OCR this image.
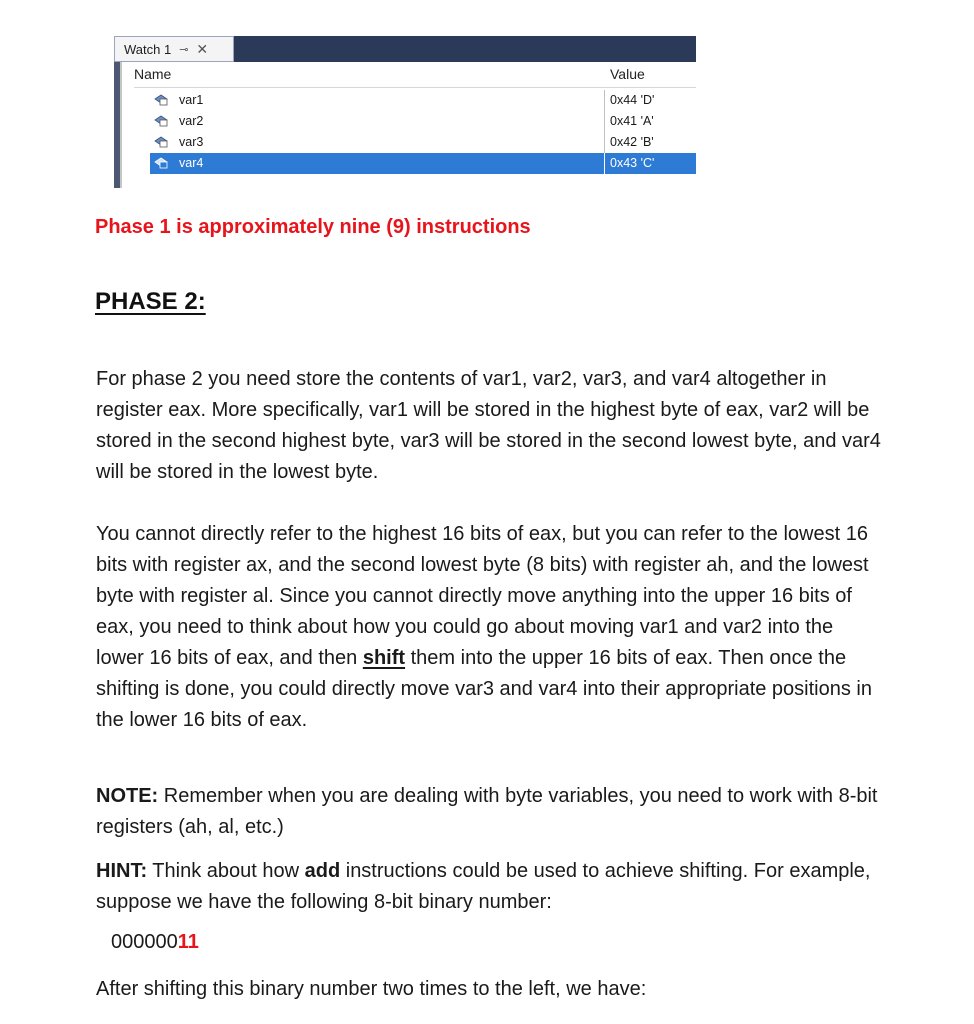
Watch 1 ⊸ ✕
Name	Value
var1	0x44 'D'
var2	0x41 'A'
var3	0x42 'B'
var4	0x43 'C'
Phase 1 is approximately nine (9) instructions
PHASE 2:

For phase 2 you need store the contents of var1, var2, var3, and var4 altogether in register eax. More specifically, var1 will be stored in the highest byte of eax, var2 will be stored in the second highest byte, var3 will be stored in the second lowest byte, and var4 will be stored in the lowest byte.

You cannot directly refer to the highest 16 bits of eax, but you can refer to the lowest 16 bits with register ax, and the second lowest byte (8 bits) with register ah, and the lowest byte with register al. Since you cannot directly move anything into the upper 16 bits of eax, you need to think about how you could go about moving var1 and var2 into the lower 16 bits of eax, and then shift them into the upper 16 bits of eax. Then once the shifting is done, you could directly move var3 and var4 into their appropriate positions in the lower 16 bits of eax.

NOTE: Remember when you are dealing with byte variables, you need to work with 8-bit registers (ah, al, etc.)

HINT: Think about how add instructions could be used to achieve shifting. For example, suppose we have the following 8-bit binary number:

00000011

After shifting this binary number two times to the left, we have:
